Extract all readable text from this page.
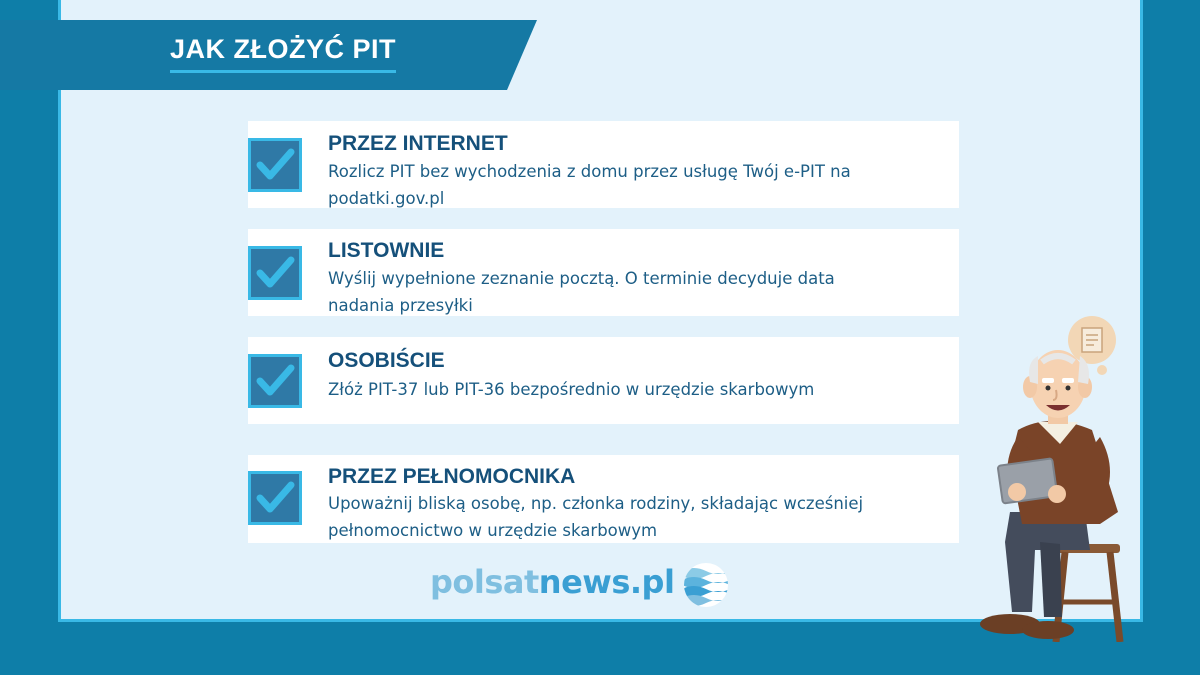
JAK ZŁOŻYĆ PIT
PRZEZ INTERNET
Rozlicz PIT bez wychodzenia z domu przez usługę Twój e-PIT na
podatki.gov.pl
LISTOWNIE
Wyślij wypełnione zeznanie pocztą. O terminie decyduje data
nadania przesyłki
OSOBIŚCIE
Złóż PIT-37 lub PIT-36 bezpośrednio w urzędzie skarbowym
PRZEZ PEŁNOMOCNIKA
Upoważnij bliską osobę, np. członka rodziny, składając wcześniej
pełnomocnictwo w urzędzie skarbowym
polsatnews.pl
